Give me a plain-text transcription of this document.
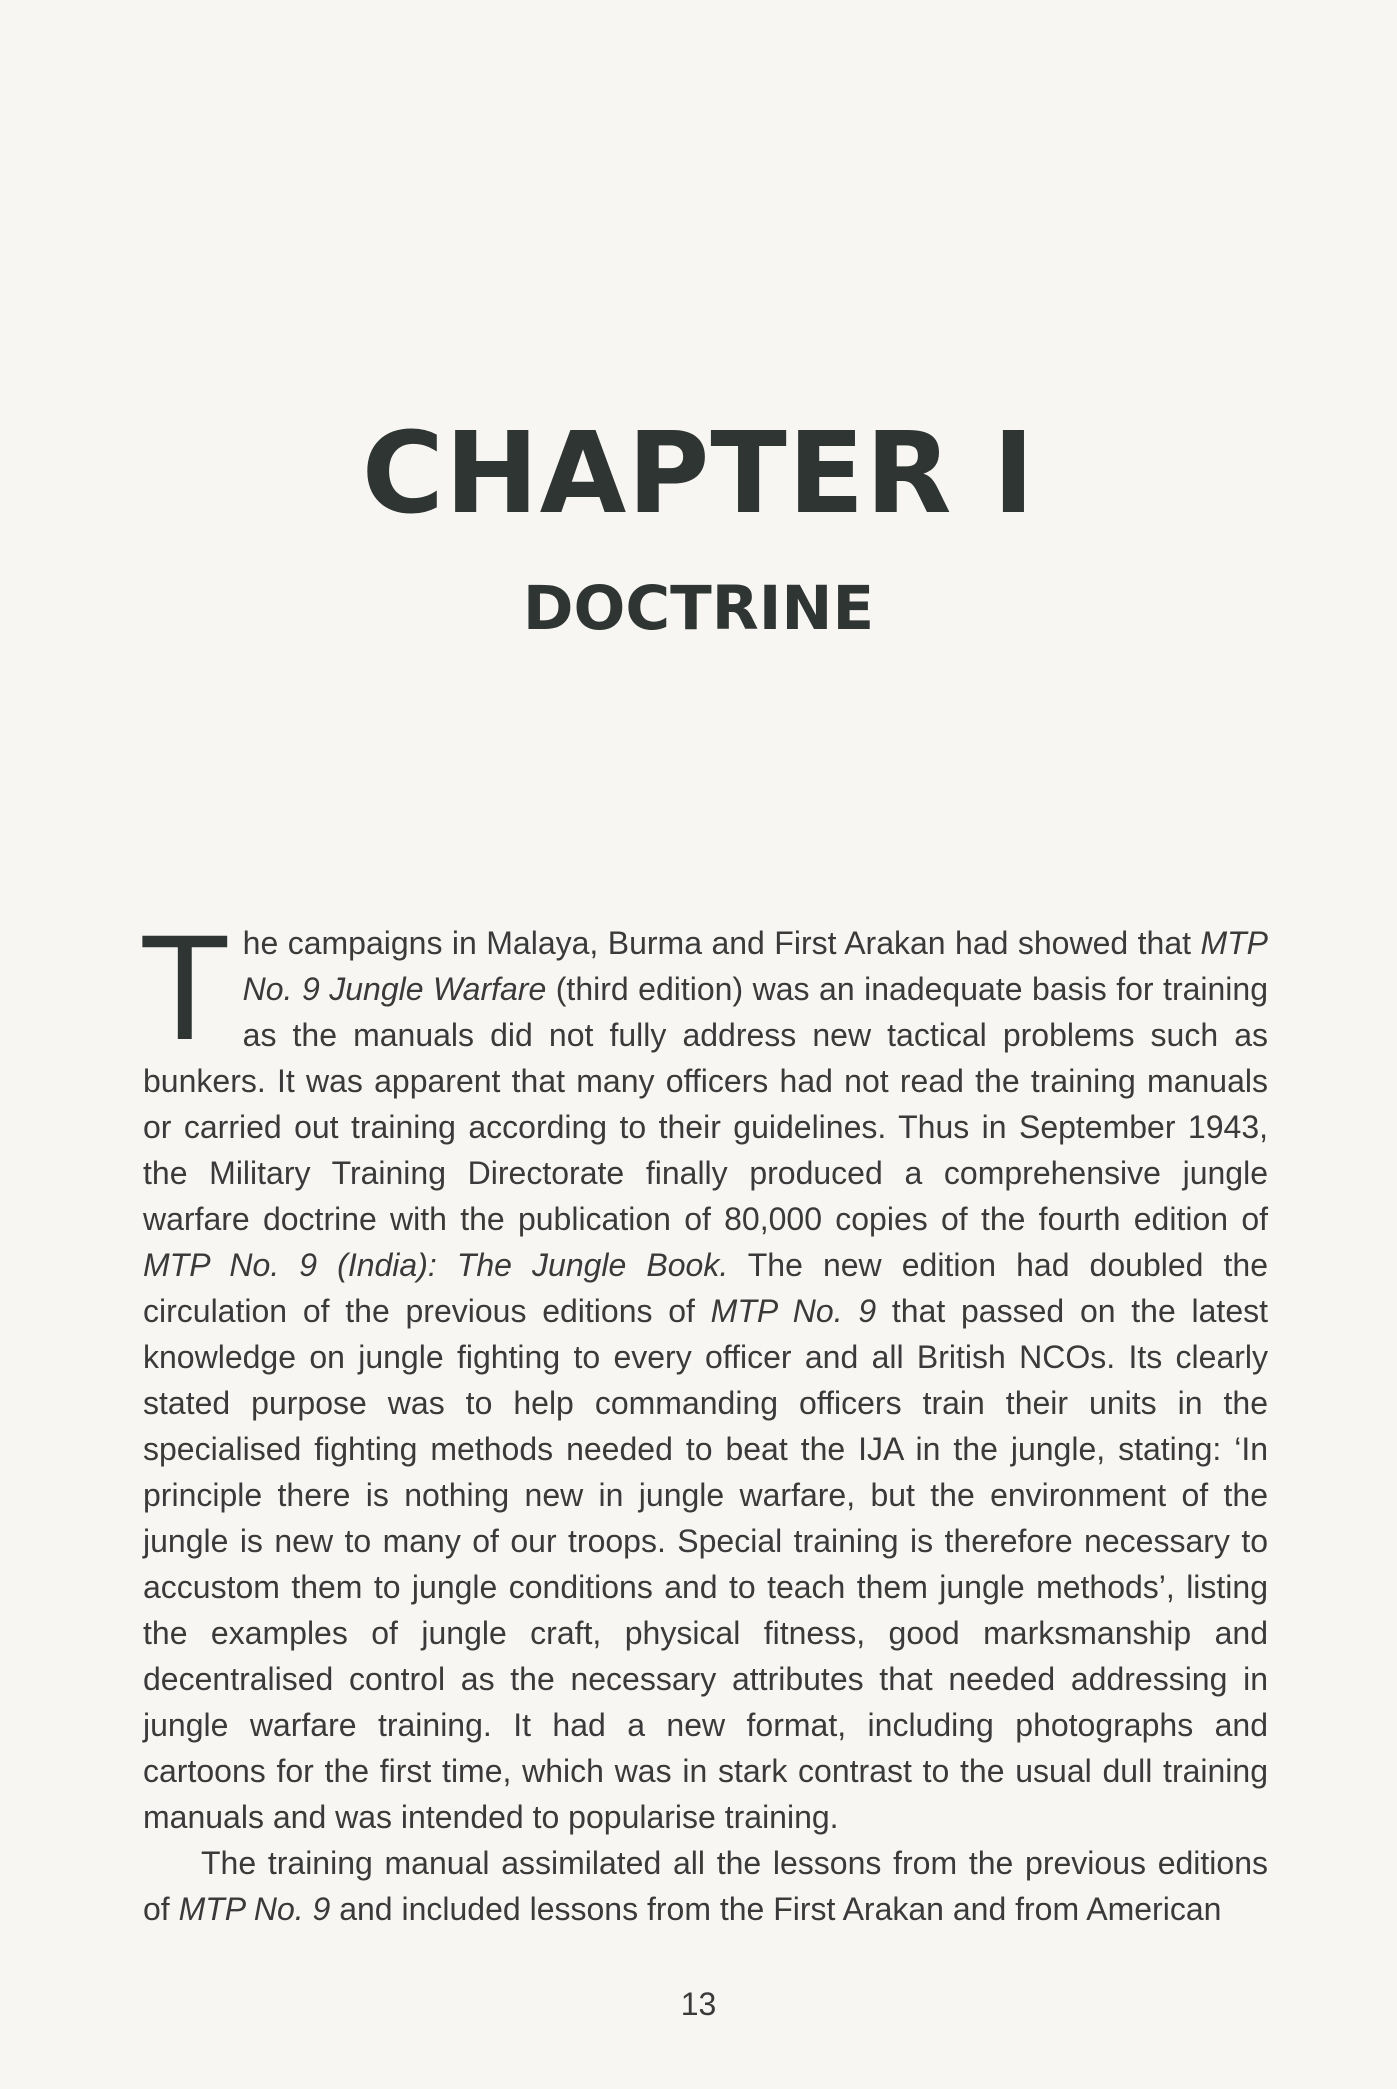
CHAPTER I
DOCTRINE

The campaigns in Malaya, Burma and First Arakan had showed that MTP No. 9 Jungle Warfare (third edition) was an inadequate basis for training as the manuals did not fully address new tactical problems such as bunkers. It was apparent that many officers had not read the training manuals or carried out training according to their guidelines. Thus in September 1943, the Military Training Directorate finally produced a comprehensive jungle warfare doctrine with the publication of 80,000 copies of the fourth edition of MTP No. 9 (India): The Jungle Book. The new edition had doubled the circulation of the previous editions of MTP No. 9 that passed on the latest knowledge on jungle fighting to every officer and all British NCOs. Its clearly stated purpose was to help commanding officers train their units in the specialised fighting methods needed to beat the IJA in the jungle, stating: ‘In principle there is nothing new in jungle warfare, but the environment of the jungle is new to many of our troops. Special training is therefore necessary to accustom them to jungle conditions and to teach them jungle methods’, listing the examples of jungle craft, physical fitness, good marksmanship and decentralised control as the necessary attributes that needed addressing in jungle warfare training. It had a new format, including photographs and cartoons for the first time, which was in stark contrast to the usual dull training manuals and was intended to popularise training.

The training manual assimilated all the lessons from the previous editions of MTP No. 9 and included lessons from the First Arakan and from American

13
